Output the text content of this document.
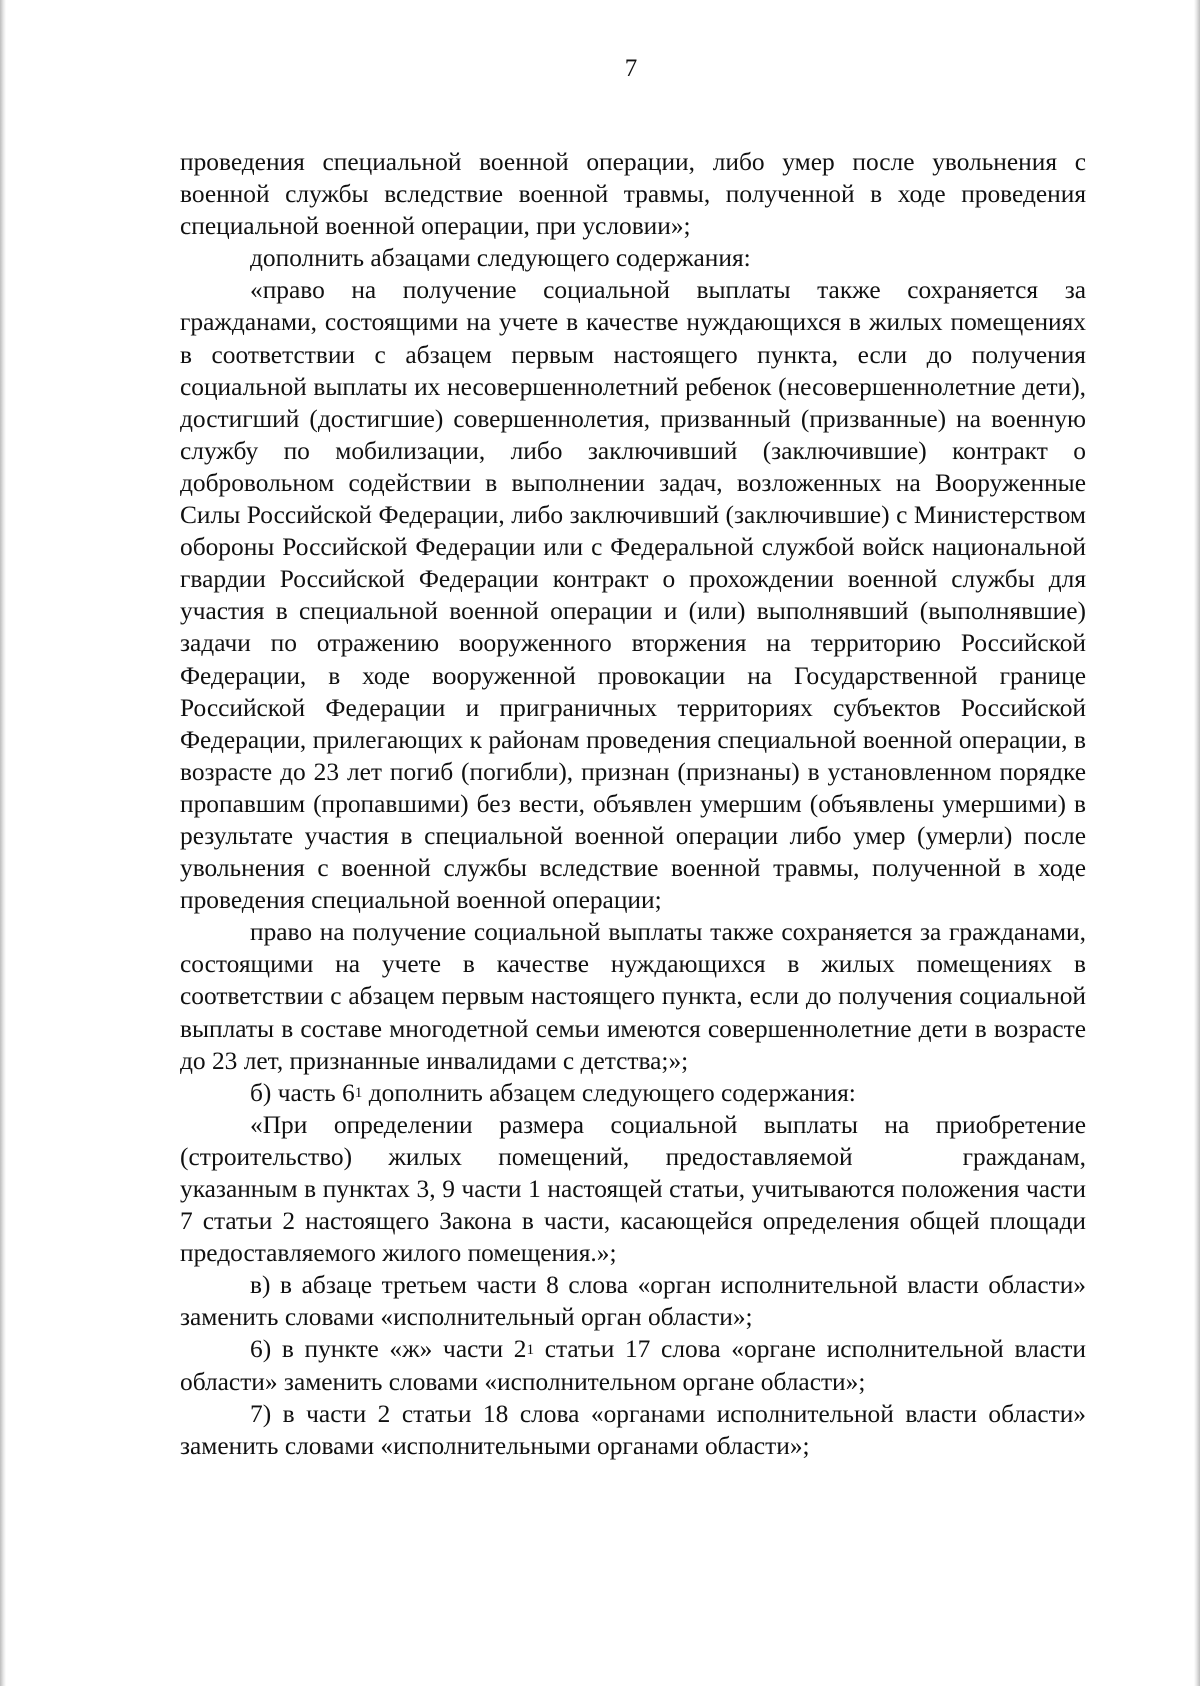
7

проведения специальной военной операции, либо умер после увольнения с военной службы вследствие военной травмы, полученной в ходе проведения специальной военной операции, при условии»;

дополнить абзацами следующего содержания:

«право на получение социальной выплаты также сохраняется за гражданами, состоящими на учете в качестве нуждающихся в жилых помещениях в соответствии с абзацем первым настоящего пункта, если до получения социальной выплаты их несовершеннолетний ребенок (несовершеннолетние дети), достигший (достигшие) совершеннолетия, призванный (призванные) на военную службу по мобилизации, либо заключивший (заключившие) контракт о добровольном содействии в выполнении задач, возложенных на Вооруженные Силы Российской Федерации, либо заключивший (заключившие) с Министерством обороны Российской Федерации или с Федеральной службой войск национальной гвардии Российской Федерации контракт о прохождении военной службы для участия в специальной военной операции и (или) выполнявший (выполнявшие) задачи по отражению вооруженного вторжения на территорию Российской Федерации, в ходе вооруженной провокации на Государственной границе Российской Федерации и приграничных территориях субъектов Российской Федерации, прилегающих к районам проведения специальной военной операции, в возрасте до 23 лет погиб (погибли), признан (признаны) в установленном порядке пропавшим (пропавшими) без вести, объявлен умершим (объявлены умершими) в результате участия в специальной военной операции либо умер (умерли) после увольнения с военной службы вследствие военной травмы, полученной в ходе проведения специальной военной операции;

право на получение социальной выплаты также сохраняется за гражданами, состоящими на учете в качестве нуждающихся в жилых помещениях в соответствии с абзацем первым настоящего пункта, если до получения социальной выплаты в составе многодетной семьи имеются совершеннолетние дети в возрасте до 23 лет, признанные инвалидами с детства;»;

б) часть $6^1$ дополнить абзацем следующего содержания:

«При определении размера социальной выплаты на приобретение (строительство) жилых помещений, предоставляемой	гражданам, указанным в пунктах 3, 9 части 1 настоящей статьи, учитываются положения части 7 статьи 2 настоящего Закона в части, касающейся определения общей площади предоставляемого жилого помещения.»;

в) в абзаце третьем части 8 слова «орган исполнительной власти области» заменить словами «исполнительный орган области»;

6) в пункте «ж» части $2^1$ статьи 17 слова «органе исполнительной власти области» заменить словами «исполнительном органе области»;

7) в части 2 статьи 18 слова «органами исполнительной власти области» заменить словами «исполнительными органами области»;
